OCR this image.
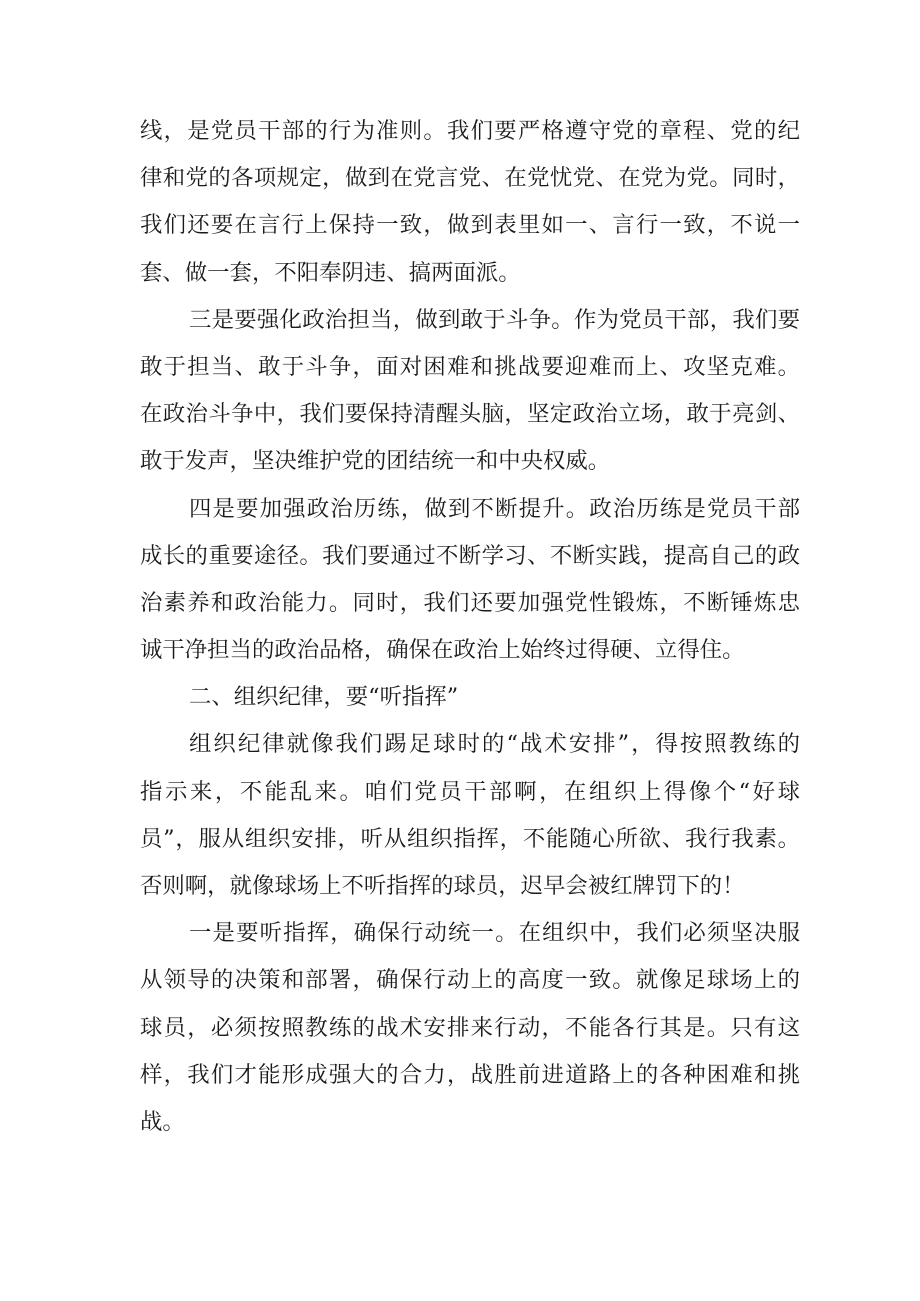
线，是党员干部的行为准则。我们要严格遵守党的章程、党的纪
律和党的各项规定，做到在党言党、在党忧党、在党为党。同时，
我们还要在言行上保持一致，做到表里如一、言行一致，不说一
套、做一套，不阳奉阴违、搞两面派。
三是要强化政治担当，做到敢于斗争。作为党员干部，我们要
敢于担当、敢于斗争，面对困难和挑战要迎难而上、攻坚克难。
在政治斗争中，我们要保持清醒头脑，坚定政治立场，敢于亮剑、
敢于发声，坚决维护党的团结统一和中央权威。
四是要加强政治历练，做到不断提升。政治历练是党员干部
成长的重要途径。我们要通过不断学习、不断实践，提高自己的政
治素养和政治能力。同时，我们还要加强党性锻炼，不断锤炼忠
诚干净担当的政治品格，确保在政治上始终过得硬、立得住。
二、组织纪律，要“听指挥”
组织纪律就像我们踢足球时的“战术安排”，得按照教练的
指示来，不能乱来。咱们党员干部啊，在组织上得像个“好球
员”，服从组织安排，听从组织指挥，不能随心所欲、我行我素。
否则啊，就像球场上不听指挥的球员，迟早会被红牌罚下的！
一是要听指挥，确保行动统一。在组织中，我们必须坚决服
从领导的决策和部署，确保行动上的高度一致。就像足球场上的
球员，必须按照教练的战术安排来行动，不能各行其是。只有这
样，我们才能形成强大的合力，战胜前进道路上的各种困难和挑
战。
